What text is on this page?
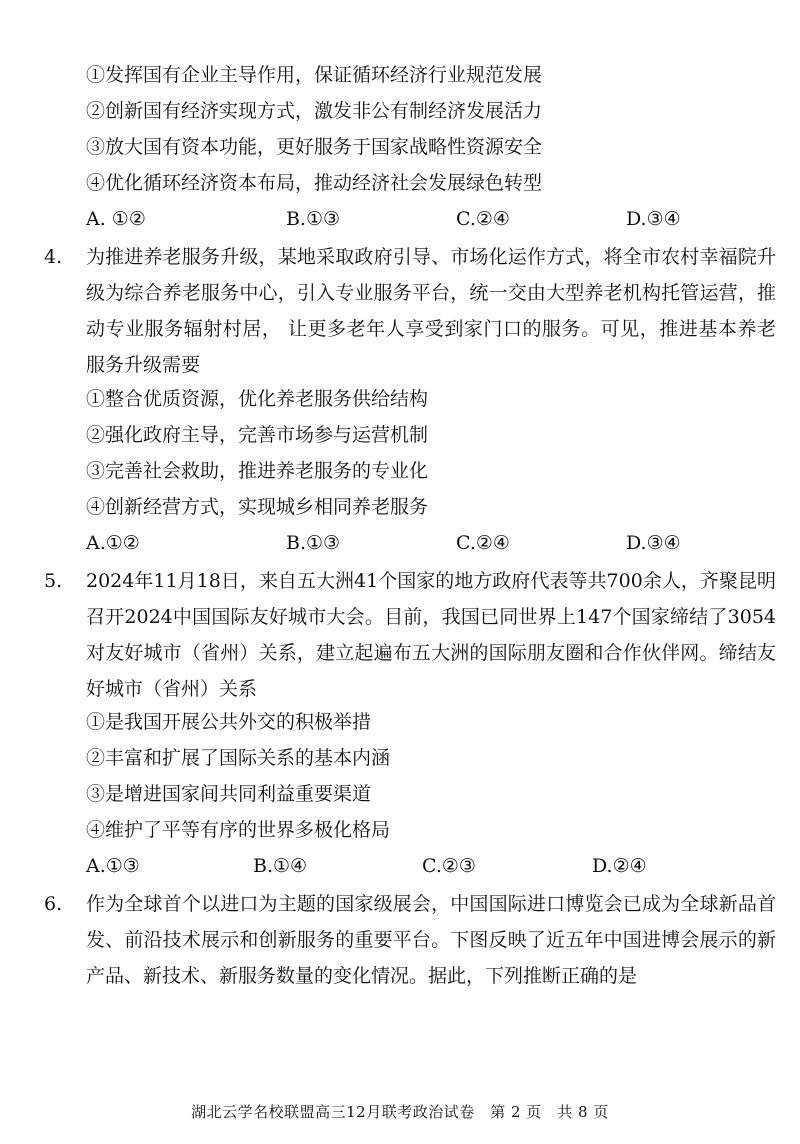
①发挥国有企业主导作用，保证循环经济行业规范发展
②创新国有经济实现方式，激发非公有制经济发展活力
③放大国有资本功能，更好服务于国家战略性资源安全
④优化循环经济资本布局，推动经济社会发展绿色转型
A. ①②	B.①③	C.②④	D.③④
4. 为推进养老服务升级，某地采取政府引导、市场化运作方式，将全市农村幸福院升级为综合养老服务中心，引入专业服务平台，统一交由大型养老机构托管运营，推动专业服务辐射村居， 让更多老年人享受到家门口的服务。可见，推进基本养老服务升级需要
①整合优质资源，优化养老服务供给结构
②强化政府主导，完善市场参与运营机制
③完善社会救助，推进养老服务的专业化
④创新经营方式，实现城乡相同养老服务
A.①②	B.①③	C.②④	D.③④
5. 2024年11月18日，来自五大洲41个国家的地方政府代表等共700余人，齐聚昆明召开2024中国国际友好城市大会。目前，我国已同世界上147个国家缔结了3054对友好城市（省州）关系，建立起遍布五大洲的国际朋友圈和合作伙伴网。缔结友好城市（省州）关系
①是我国开展公共外交的积极举措
②丰富和扩展了国际关系的基本内涵
③是增进国家间共同利益重要渠道
④维护了平等有序的世界多极化格局
A.①③	B.①④	C.②③	D.②④
6. 作为全球首个以进口为主题的国家级展会，中国国际进口博览会已成为全球新品首发、前沿技术展示和创新服务的重要平台。下图反映了近五年中国进博会展示的新产品、新技术、新服务数量的变化情况。据此，下列推断正确的是
湖北云学名校联盟高三12月联考政治试卷　第 2 页　共 8 页
